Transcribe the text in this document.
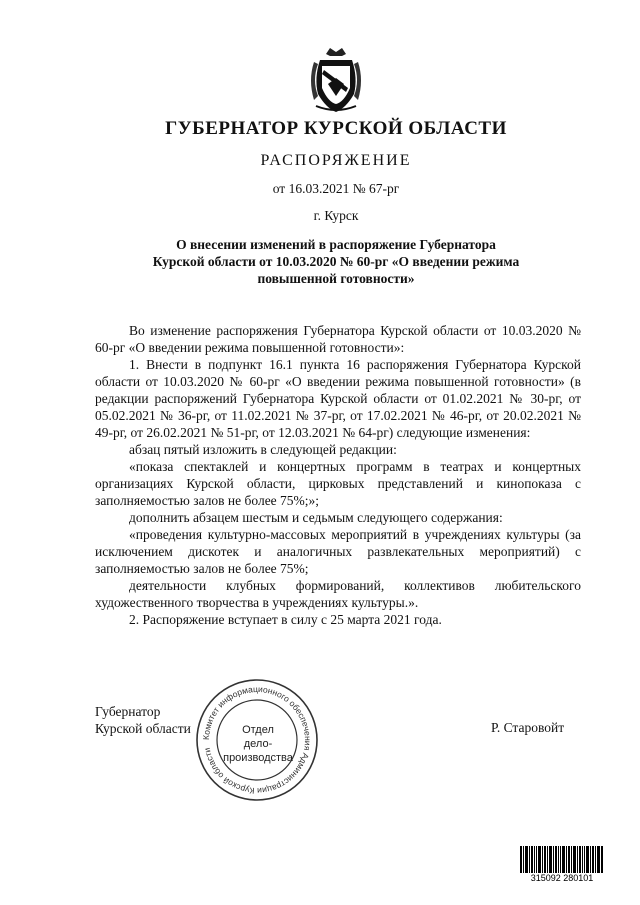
ГУБЕРНАТОР КУРСКОЙ ОБЛАСТИ
РАСПОРЯЖЕНИЕ
от 16.03.2021 № 67-рг
г. Курск
О внесении изменений в распоряжение Губернатора
Курской области от 10.03.2020 № 60-рг «О введении режима
повышенной готовности»

Во изменение распоряжения Губернатора Курской области от 10.03.2020 № 60-рг «О введении режима повышенной готовности»:

1. Внести в подпункт 16.1 пункта 16 распоряжения Губернатора Курской области от 10.03.2020 № 60-рг «О введении режима повышенной готовности» (в редакции распоряжений Губернатора Курской области от 01.02.2021 № 30-рг, от 05.02.2021 № 36-рг, от 11.02.2021 № 37-рг, от 17.02.2021 № 46-рг, от 20.02.2021 № 49-рг, от 26.02.2021 № 51-рг, от 12.03.2021 № 64-рг) следующие изменения:

абзац пятый изложить в следующей редакции:

«показа спектаклей и концертных программ в театрах и концертных организациях Курской области, цирковых представлений и кинопоказа с заполняемостью залов не более 75%;»;

дополнить абзацем шестым и седьмым следующего содержания:

«проведения культурно-массовых мероприятий в учреждениях культуры (за исключением дискотек и аналогичных развлекательных мероприятий) с заполняемостью залов не более 75%;

деятельности клубных формирований, коллективов любительского художественного творчества в учреждениях культуры.».

2. Распоряжение вступает в силу с 25 марта 2021 года.

Губернатор
Курской области	Р. Старовойт
Комитет информационного обеспечения Администрации Курской области
Отдел
дело-
производства
315092 280101
